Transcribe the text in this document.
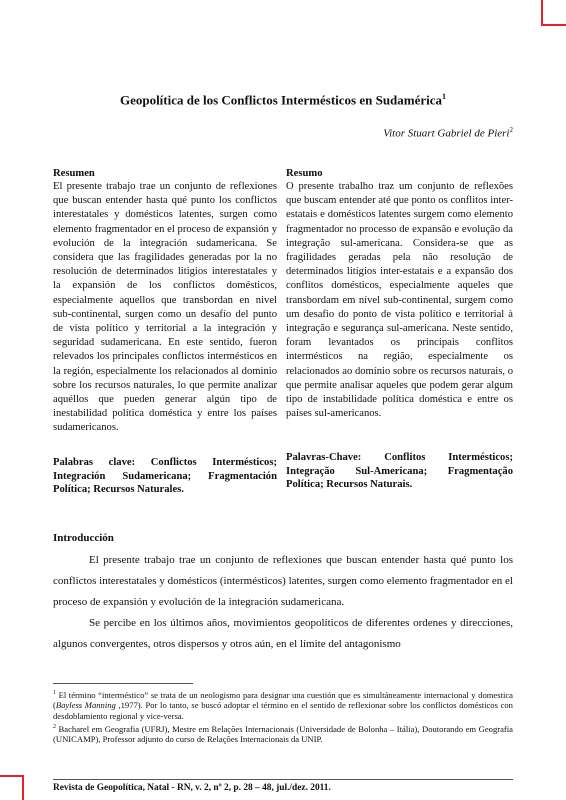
Geopolítica de los Conflictos Intermésticos en Sudamérica$^1$
Vitor Stuart Gabriel de Pieri$^2$
Resumen

El presente trabajo trae un conjunto de reflexiones que buscan entender hasta qué punto los conflictos interestatales y domésticos latentes, surgen como elemento fragmentador en el proceso de expansión y evolución de la integración sudamericana. Se considera que las fragilidades generadas por la no resolución de determinados litigios interestatales y la expansión de los conflictos domésticos, especialmente aquellos que transbordan en nivel sub-continental, surgen como un desafío del punto de vista político y territorial a la integración y seguridad sudamericana. En este sentido, fueron relevados los principales conflictos intermésticos en la región, especialmente los relacionados al dominio sobre los recursos naturales, lo que permite analizar aquéllos que pueden generar algún tipo de inestabilidad política doméstica y entre los países sudamericanos.

Palabras clave: Conflictos Intermésticos; Integración Sudamericana; Fragmentación Política; Recursos Naturales.
Resumo

O presente trabalho traz um conjunto de reflexões que buscam entender até que ponto os conflitos inter-estatais e domésticos latentes surgem como elemento fragmentador no processo de expansão e evolução da integração sul-americana. Considera-se que as fragilidades geradas pela não resolução de determinados litígios inter-estatais e a expansão dos conflitos domésticos, especialmente aqueles que transbordam em nível sub-continental, surgem como um desafio do ponto de vista político e territorial à integração e segurança sul-americana. Neste sentido, foram levantados os principais conflitos intermésticos na região, especialmente os relacionados ao domínio sobre os recursos naturais, o que permite analisar aqueles que podem gerar algum tipo de instabilidade política doméstica e entre os países sul-americanos.

Palavras-Chave: Conflitos Intermésticos; Integração Sul-Americana; Fragmentação Política; Recursos Naturais.
Introducción

El presente trabajo trae un conjunto de reflexiones que buscan entender hasta qué punto los conflictos interestatales y domésticos (intermésticos) latentes, surgen como elemento fragmentador en el proceso de expansión y evolución de la integración sudamericana.

Se percibe en los últimos años, movimientos geopolíticos de diferentes ordenes y direcciones, algunos convergentes, otros dispersos y otros aún, en el límite del antagonismo

$^1$ El término “interméstico” se trata de un neologismo para designar una cuestión que es simultáneamente internacional y domestica (Bayless Manning ,1977). Por lo tanto, se buscó adoptar el término en el sentido de reflexionar sobre los conflictos domésticos con desdoblamiento regional y vice-versa.

$^2$ Bacharel em Geografia (UFRJ), Mestre em Relações Internacionais (Universidade de Bolonha – Itália), Doutorando em Geografia (UNICAMP), Professor adjunto do curso de Relações Internacionais da UNIP.

Revista de Geopolítica, Natal - RN, v. 2, nº 2, p. 28 – 48, jul./dez. 2011.
